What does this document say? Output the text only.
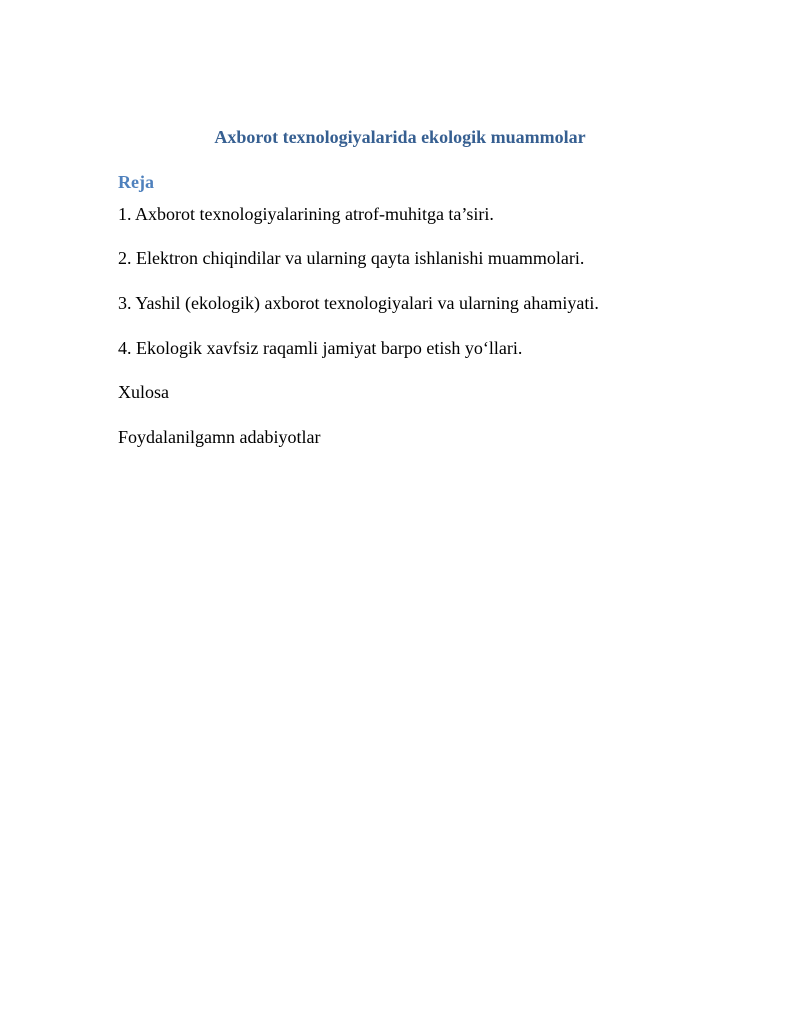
Axborot texnologiyalarida ekologik muammolar
Reja

1. Axborot texnologiyalarining atrof-muhitga ta’siri.

2. Elektron chiqindilar va ularning qayta ishlanishi muammolari.

3. Yashil (ekologik) axborot texnologiyalari va ularning ahamiyati.

4. Ekologik xavfsiz raqamli jamiyat barpo etish yo‘llari.

Xulosa

Foydalanilgamn adabiyotlar
